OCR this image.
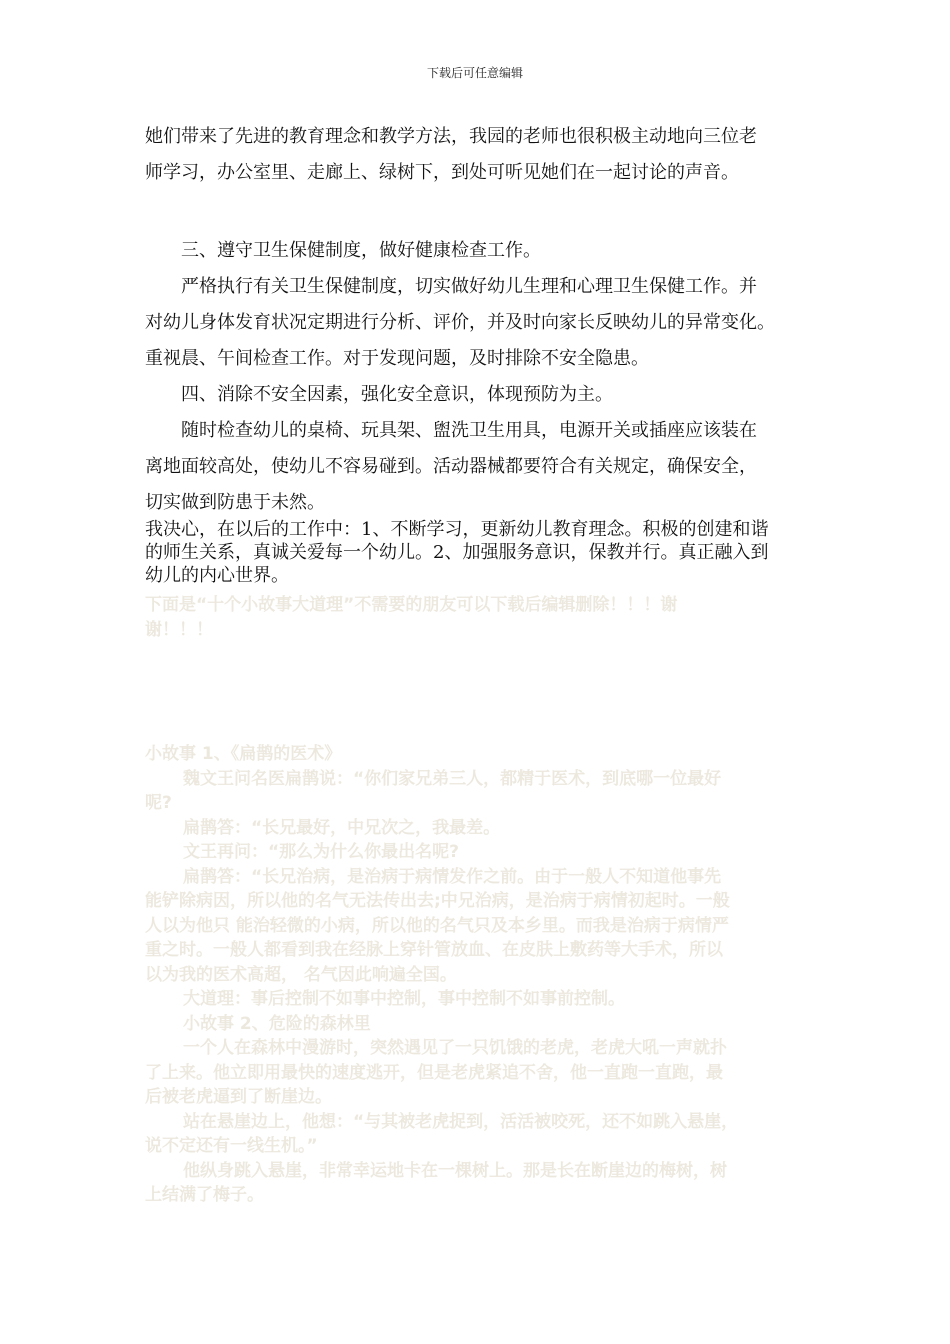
下载后可任意编辑

她们带来了先进的教育理念和教学方法，我园的老师也很积极主动地向三位老

师学习，办公室里、走廊上、绿树下，到处可听见她们在一起讨论的声音。

三、遵守卫生保健制度，做好健康检查工作。

严格执行有关卫生保健制度，切实做好幼儿生理和心理卫生保健工作。并

对幼儿身体发育状况定期进行分析、评价，并及时向家长反映幼儿的异常变化。

重视晨、午间检查工作。对于发现问题，及时排除不安全隐患。

四、消除不安全因素，强化安全意识，体现预防为主。

随时检查幼儿的桌椅、玩具架、盥洗卫生用具，电源开关或插座应该装在

离地面较高处，使幼儿不容易碰到。活动器械都要符合有关规定，确保安全，

切实做到防患于未然。

我决心，在以后的工作中：1、不断学习，更新幼儿教育理念。积极的创建和谐
的师生关系，真诚关爱每一个幼儿。2、加强服务意识，保教并行。真正融入到
幼儿的内心世界。

下面是“十个小故事大道理”不需要的朋友可以下载后编辑删除！！！谢

谢！！！

小故事 1、《扁鹊的医术》

魏文王问名医扁鹊说：“你们家兄弟三人，都精于医术，到底哪一位最好

呢?

扁鹊答：“长兄最好，中兄次之，我最差。

文王再问：“那么为什么你最出名呢?

扁鹊答：“长兄治病，是治病于病情发作之前。由于一般人不知道他事先

能铲除病因，所以他的名气无法传出去;中兄治病，是治病于病情初起时。一般

人以为他只 能治轻微的小病，所以他的名气只及本乡里。而我是治病于病情严

重之时。一般人都看到我在经脉上穿针管放血、在皮肤上敷药等大手术，所以

以为我的医术高超， 名气因此响遍全国。

大道理：事后控制不如事中控制，事中控制不如事前控制。

小故事 2、危险的森林里

一个人在森林中漫游时，突然遇见了一只饥饿的老虎，老虎大吼一声就扑

了上来。他立即用最快的速度逃开，但是老虎紧追不舍，他一直跑一直跑，最

后被老虎逼到了断崖边。

站在悬崖边上，他想：“与其被老虎捉到，活活被咬死，还不如跳入悬崖，

说不定还有一线生机。”

他纵身跳入悬崖，非常幸运地卡在一棵树上。那是长在断崖边的梅树，树

上结满了梅子。
